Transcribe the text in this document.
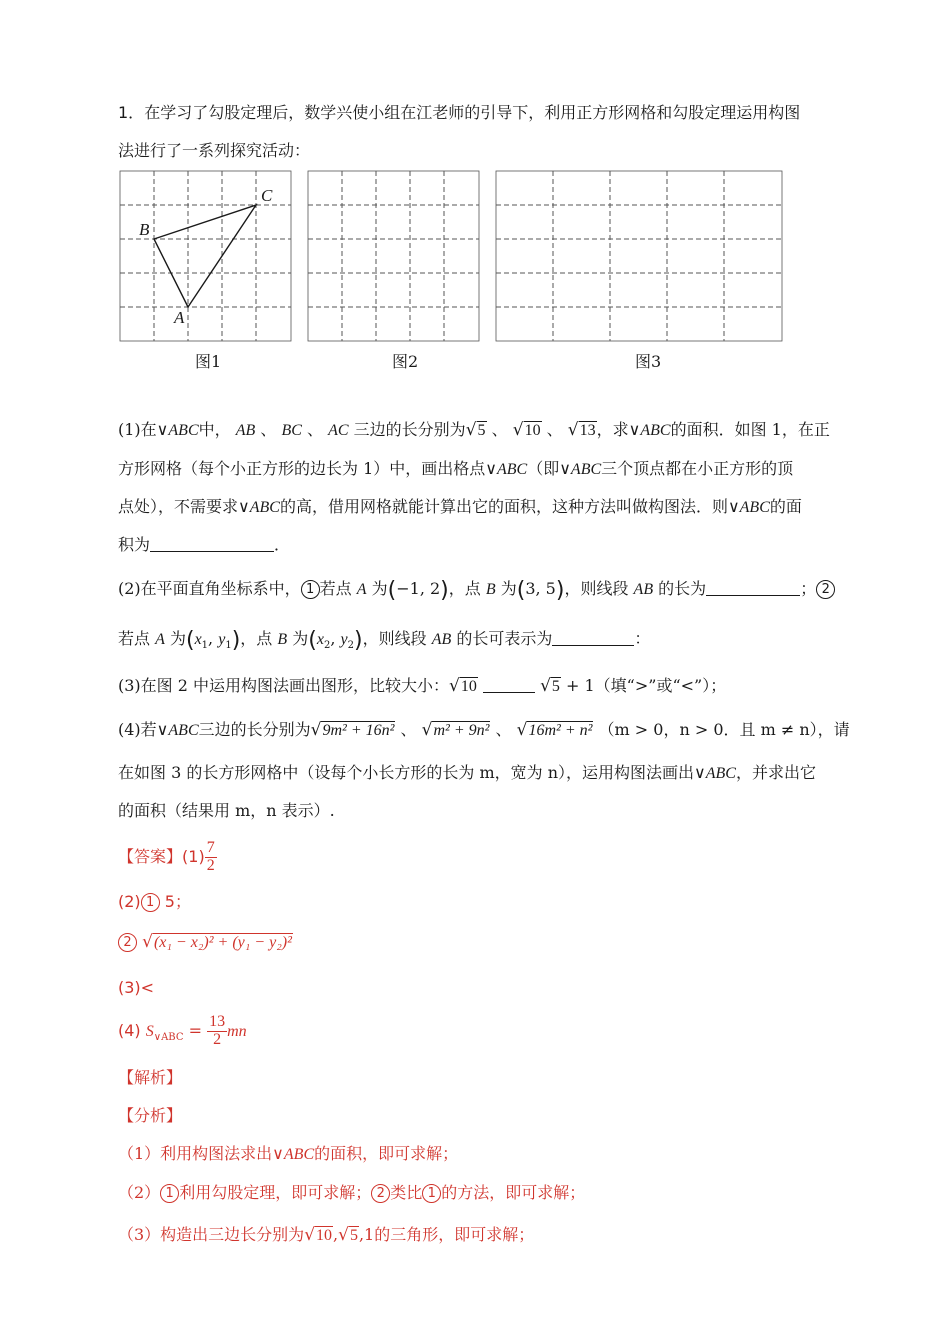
1．在学习了勾股定理后，数学兴使小组在江老师的引导下，利用正方形网格和勾股定理运用构图
法进行了一系列探究活动：
B
C
A
图1	图2	图3
(1)在∨ABC中， AB 、 BC 、 AC 三边的长分别为√5 、 √10 、 √13，求∨ABC的面积．如图 1，在正
方形网格（每个小正方形的边长为 1）中，画出格点∨ABC（即∨ABC三个顶点都在小正方形的顶
点处），不需要求∨ABC的高，借用网格就能计算出它的面积，这种方法叫做构图法．则∨ABC的面
积为	．
(2)在平面直角坐标系中， 1 若点 A 为(−1, 2)，点 B 为(3, 5)，则线段 AB 的长为	； 2
若点 A 为($x_1$, $y_1$)，点 B 为($x_2$, $y_2$)，则线段 AB 的长可表示为	：
(3)在图 2 中运用构图法画出图形，比较大小：√10	√5 + 1（填“>”或“<”）；
(4)若∨ABC三边的长分别为√9m² + 16n² 、 √m² + 9n² 、 √16m² + n² （m > 0，n > 0．且 m ≠ n），请
在如图 3 的长方形网格中（设每个小长方形的长为 m，宽为 n），运用构图法画出∨ABC，并求出它
的面积（结果用 m，n 表示）.
【答案】$(1) \frac{7}{2}$
(2) 1 5；
2 √(x₁ − x₂)² + (y₁ − y₂)²
(3)<
(4) $S_{\vee ABC} = \frac{13}{2}$ mn
【解析】
【分析】
（1）利用构图法求出∨ABC的面积，即可求解；
（2） 1 利用勾股定理，即可求解； 2 类比 1 的方法，即可求解；
（3）构造出三边长分别为√10,√5,1的三角形，即可求解；
